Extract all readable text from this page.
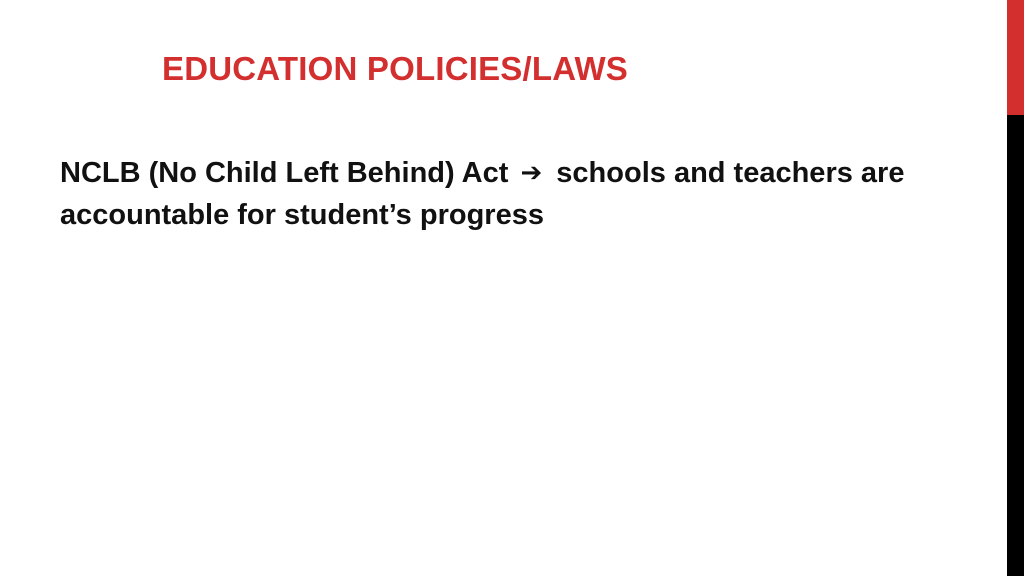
EDUCATION POLICIES/LAWS

NCLB (No Child Left Behind) Act ➔ schools and teachers are accountable for student’s progress
